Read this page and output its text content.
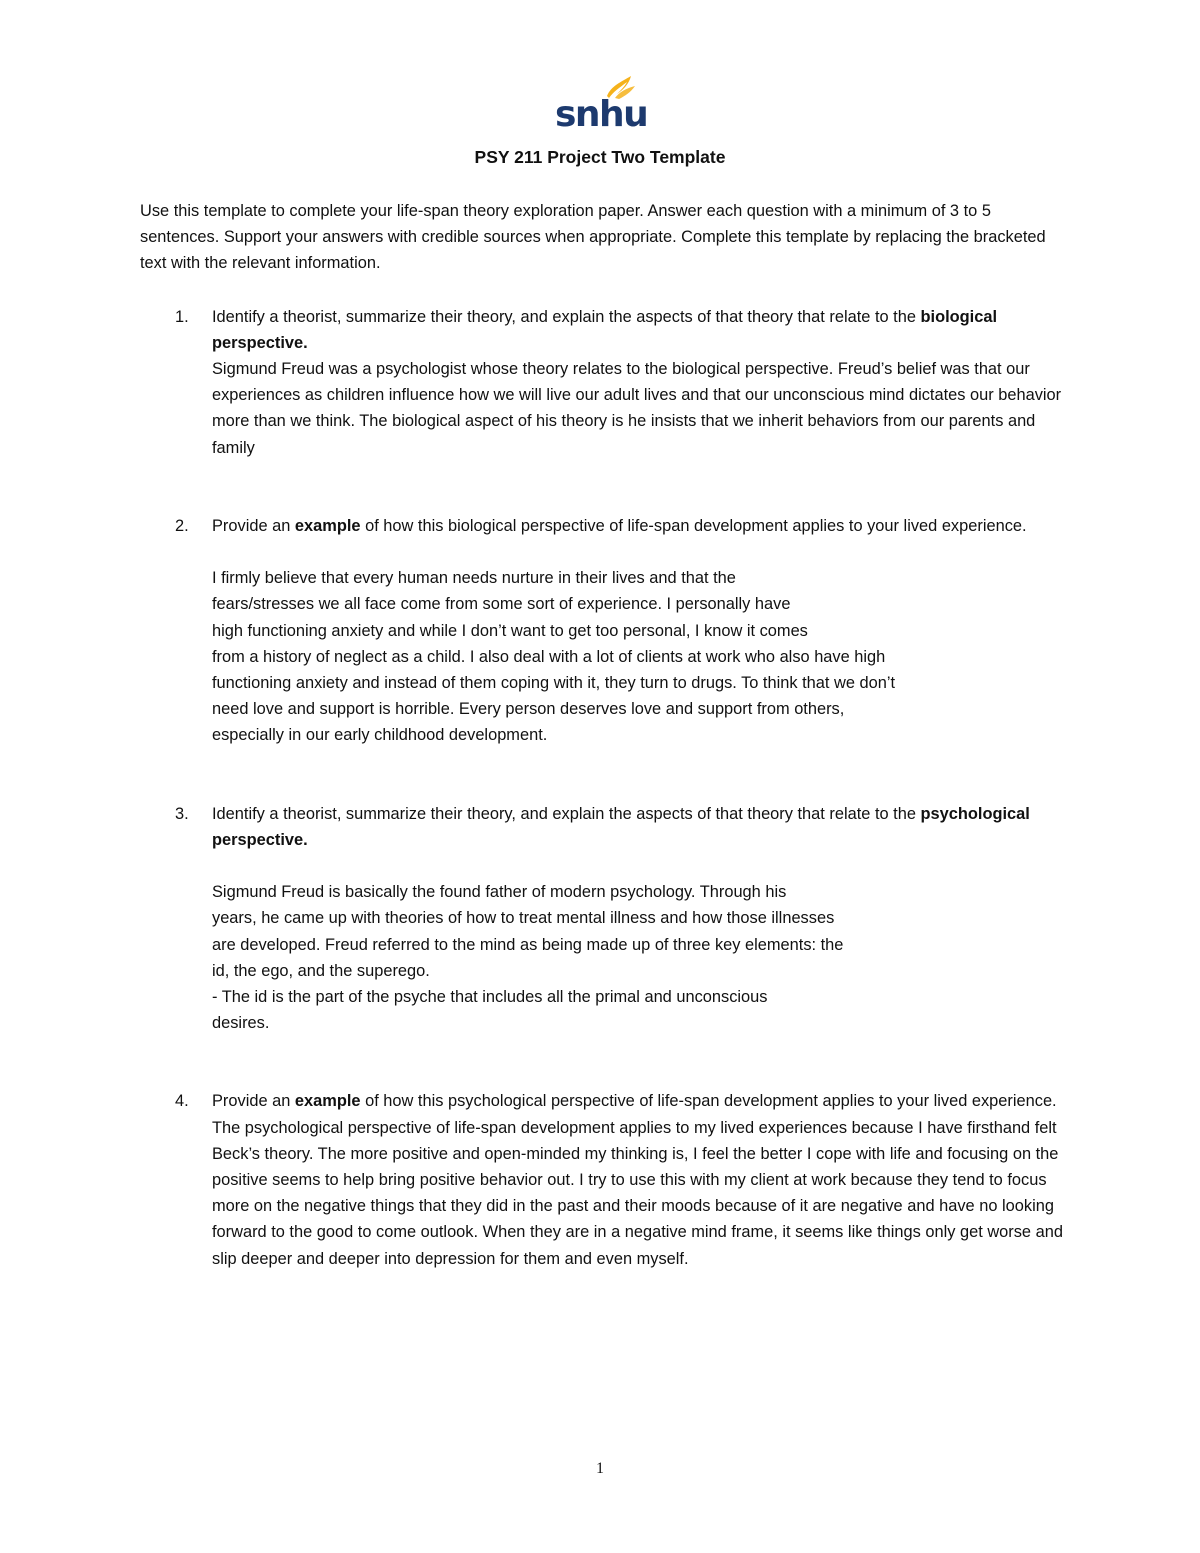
snhu
PSY 211 Project Two Template

Use this template to complete your life-span theory exploration paper. Answer each question with a minimum of 3 to 5 sentences. Support your answers with credible sources when appropriate. Complete this template by replacing the bracketed text with the relevant information.

1. Identify a theorist, summarize their theory, and explain the aspects of that theory that relate to the biological perspective.

Sigmund Freud was a psychologist whose theory relates to the biological perspective. Freud’s belief was that our experiences as children influence how we will live our adult lives and that our unconscious mind dictates our behavior more than we think. The biological aspect of his theory is he insists that we inherit behaviors from our parents and family

2. Provide an example of how this biological perspective of life-span development applies to your lived experience.

I firmly believe that every human needs nurture in their lives and that the

fears/stresses we all face come from some sort of experience. I personally have

high functioning anxiety and while I don’t want to get too personal, I know it comes

from a history of neglect as a child. I also deal with a lot of clients at work who also have high

functioning anxiety and instead of them coping with it, they turn to drugs. To think that we don’t

need love and support is horrible. Every person deserves love and support from others,

especially in our early childhood development.

3. Identify a theorist, summarize their theory, and explain the aspects of that theory that relate to the psychological perspective.

Sigmund Freud is basically the found father of modern psychology. Through his

years, he came up with theories of how to treat mental illness and how those illnesses

are developed. Freud referred to the mind as being made up of three key elements: the

id, the ego, and the superego.

- The id is the part of the psyche that includes all the primal and unconscious

desires.

4. Provide an example of how this psychological perspective of life-span development applies to your lived experience.

The psychological perspective of life-span development applies to my lived experiences because I have firsthand felt Beck’s theory. The more positive and open-minded my thinking is, I feel the better I cope with life and focusing on the positive seems to help bring positive behavior out. I try to use this with my client at work because they tend to focus more on the negative things that they did in the past and their moods because of it are negative and have no looking forward to the good to come outlook. When they are in a negative mind frame, it seems like things only get worse and slip deeper and deeper into depression for them and even myself.

1
